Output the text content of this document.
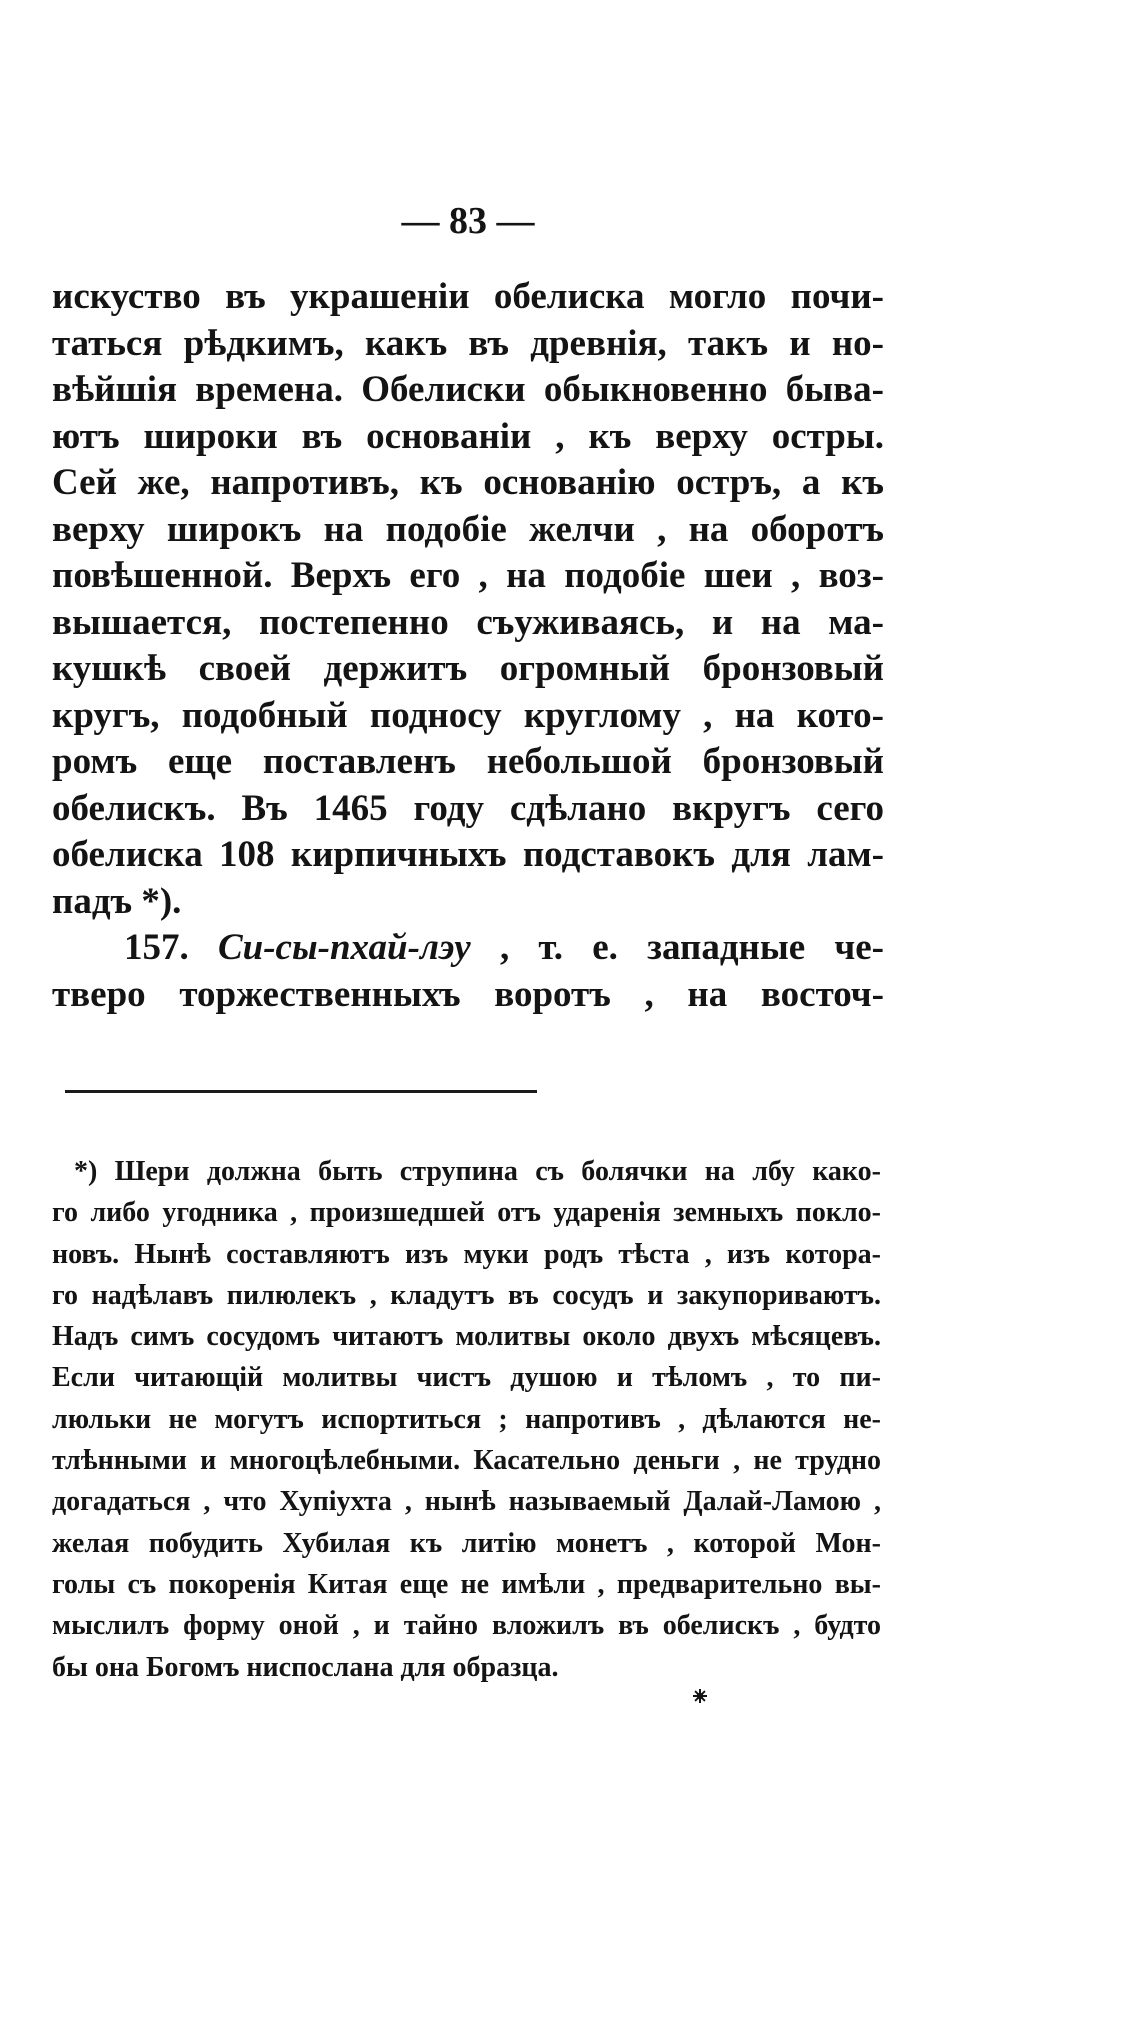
— 83 —
искуство въ украшеніи обелиска могло почи-
таться рѣдкимъ, какъ въ древнія, такъ и но-
вѣйшія времена. Обелиски обыкновенно быва-
ютъ широки въ основаніи , къ верху остры.
Сей же, напротивъ, къ основанію остръ, а къ
верху широкъ на подобіе желчи , на оборотъ
повѣшенной. Верхъ его , на подобіе шеи , воз-
вышается, постепенно съуживаясь, и на ма-
кушкѣ своей держитъ огромный бронзовый
кругъ, подобный подносу круглому , на кото-
ромъ еще поставленъ небольшой бронзовый
обелискъ. Въ 1465 году сдѣлано вкругъ сего
обелиска 108 кирпичныхъ подставокъ для лам-
падъ *).
157. Си-сы-пхай-лэу , т. е. западные че-
тверо торжественныхъ воротъ , на восточ-
*) Шери должна быть струпина съ болячки на лбу како-
го либо угодника , произшедшей отъ ударенія земныхъ покло-
новъ. Нынѣ составляютъ изъ муки родъ тѣста , изъ котора-
го надѣлавъ пилюлекъ , кладутъ въ сосудъ и закупориваютъ.
Надъ симъ сосудомъ читаютъ молитвы около двухъ мѣсяцевъ.
Если читающій молитвы чистъ душою и тѣломъ , то пи-
люльки не могутъ испортиться ; напротивъ , дѣлаются не-
тлѣнными и многоцѣлебными. Касательно деньги , не трудно
догадаться , что Хупіухта , нынѣ называемый Далай-Ламою ,
желая побудить Хубилая къ литію монетъ , которой Мон-
голы съ покоренія Китая еще не имѣли , предварительно вы-
мыслилъ форму оной , и тайно вложилъ въ обелискъ , будто
бы она Богомъ ниспослана для образца.
